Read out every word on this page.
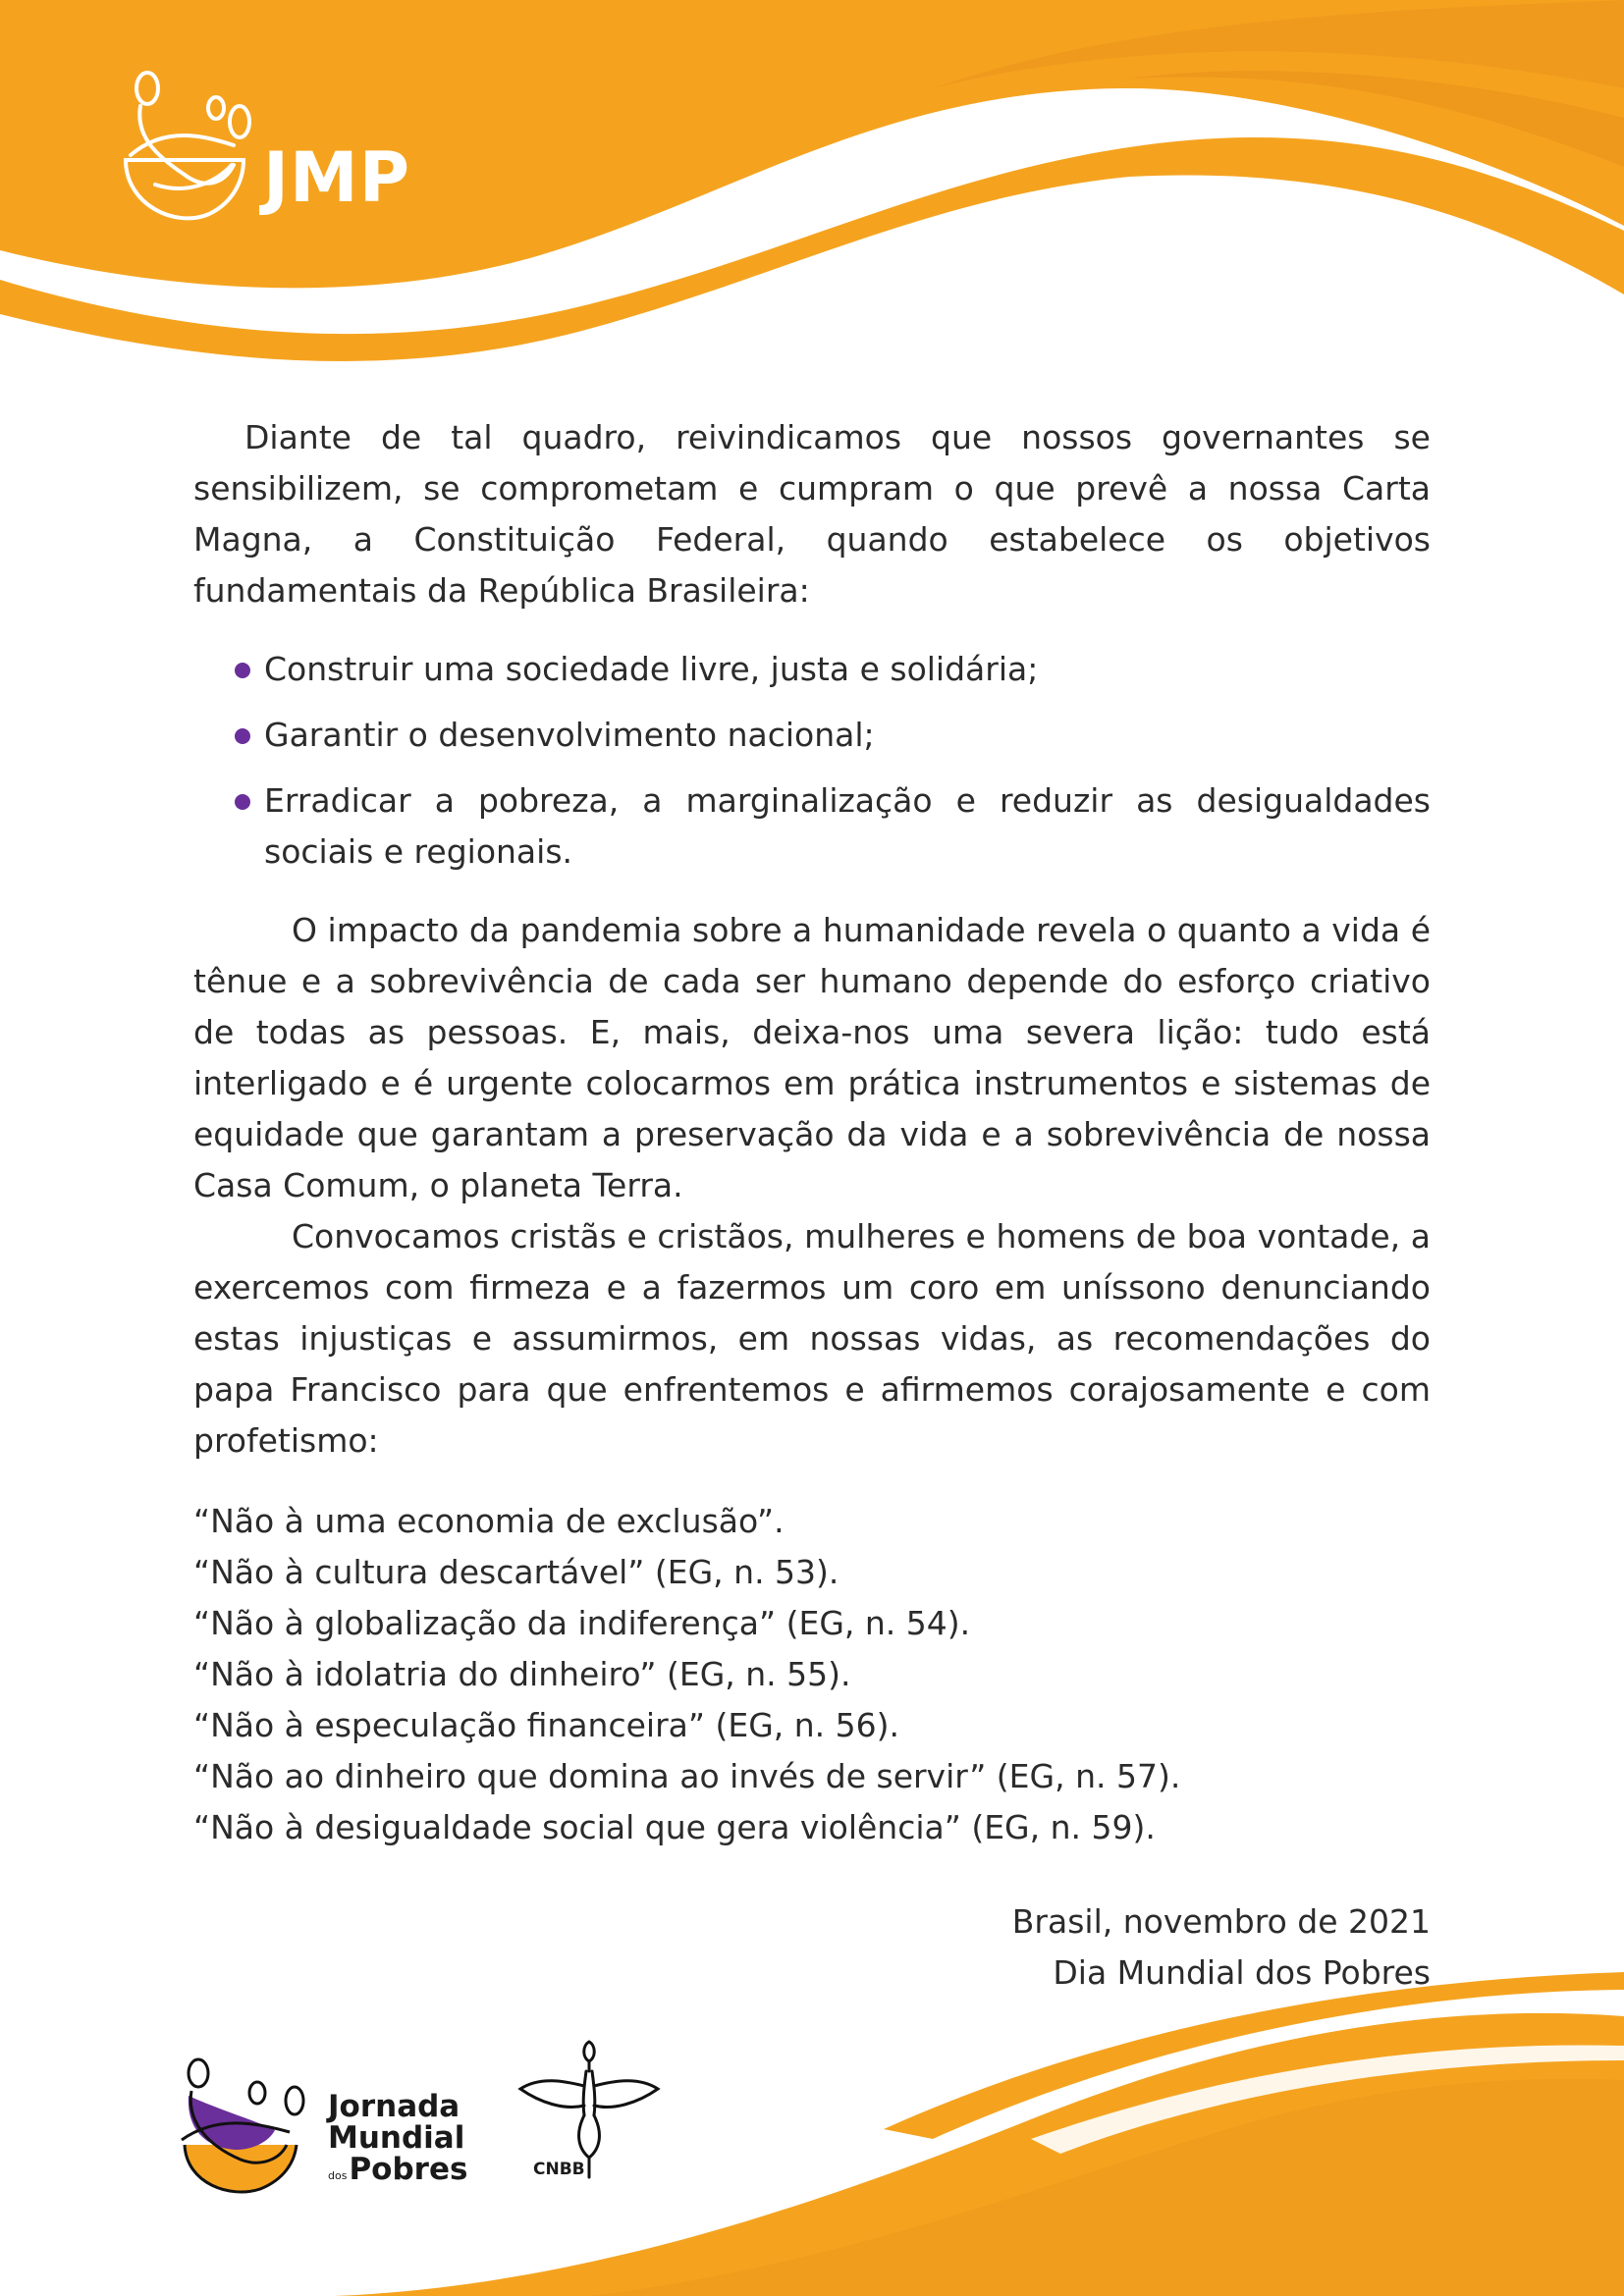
JMP

Diante de tal quadro, reivindicamos que nossos governantes se sensibilizem, se comprometam e cumpram o que prevê a nossa Carta Magna, a Constituição Federal, quando estabelece os objetivos fundamentais da República Brasileira:

Construir uma sociedade livre, justa e solidária;
Garantir o desenvolvimento nacional;
Erradicar a pobreza, a marginalização e reduzir as desigualdades sociais e regionais.

O impacto da pandemia sobre a humanidade revela o quanto a vida é tênue e a sobrevivência de cada ser humano depende do esforço criativo de todas as pessoas. E, mais, deixa-nos uma severa lição: tudo está interligado e é urgente colocarmos em prática instrumentos e sistemas de equidade que garantam a preservação da vida e a sobrevivência de nossa Casa Comum, o planeta Terra.

Convocamos cristãs e cristãos, mulheres e homens de boa vontade, a exercemos com firmeza e a fazermos um coro em uníssono denunciando estas injustiças e assumirmos, em nossas vidas, as recomendações do papa Francisco para que enfrentemos e afirmemos corajosamente e com profetismo:

“Não à uma economia de exclusão”.
“Não à cultura descartável” (EG, n. 53).
“Não à globalização da indiferença” (EG, n. 54).
“Não à idolatria do dinheiro” (EG, n. 55).
“Não à especulação financeira” (EG, n. 56).
“Não ao dinheiro que domina ao invés de servir” (EG, n. 57).
“Não à desigualdade social que gera violência” (EG, n. 59).
Brasil, novembro de 2021
Dia Mundial dos Pobres
Jornada
Mundial
dosPobres	CNBB
